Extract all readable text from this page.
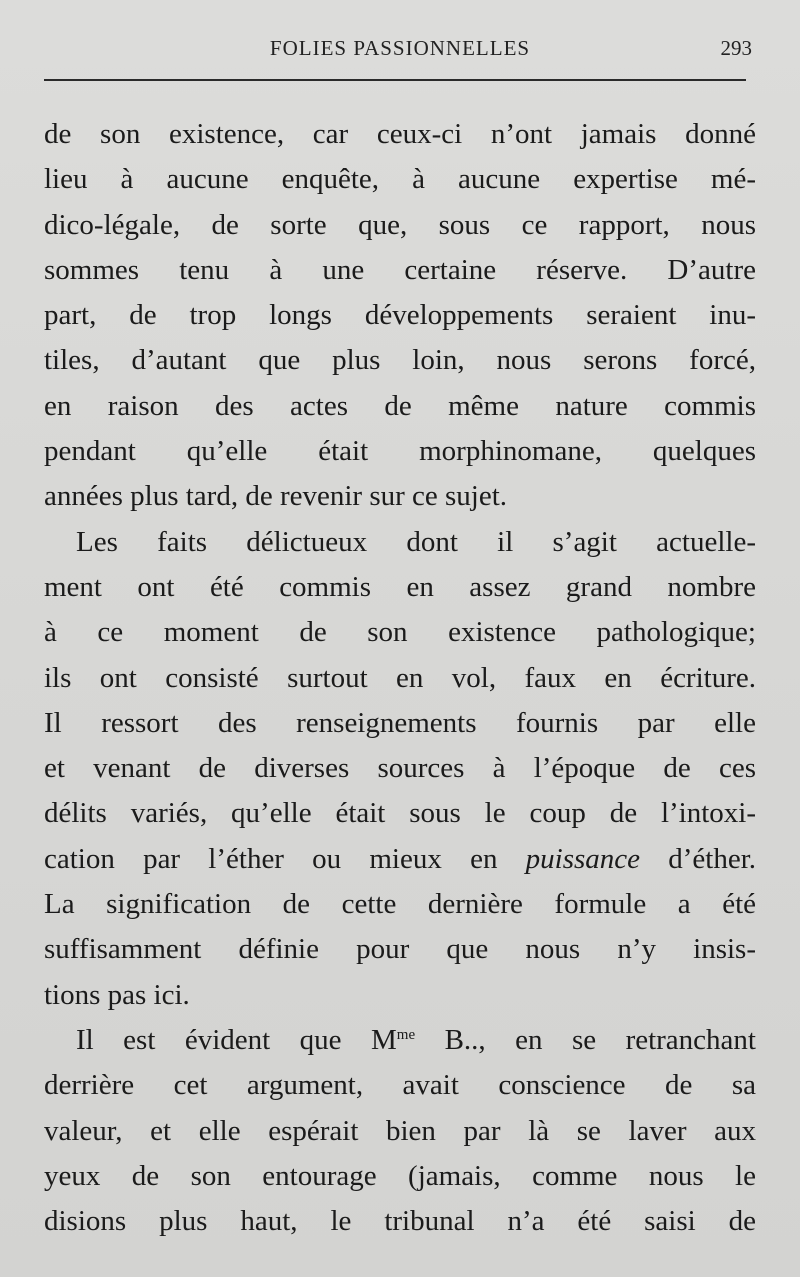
FOLIES PASSIONNELLES	293
de son existence, car ceux-ci n’ont jamais donné
lieu à aucune enquête, à aucune expertise mé-
dico-légale, de sorte que, sous ce rapport, nous
sommes tenu à une certaine réserve. D’autre
part, de trop longs développements seraient inu-
tiles, d’autant que plus loin, nous serons forcé,
en raison des actes de même nature commis
pendant qu’elle était morphinomane, quelques
années plus tard, de revenir sur ce sujet.
Les faits délictueux dont il s’agit actuelle-
ment ont été commis en assez grand nombre
à ce moment de son existence pathologique;
ils ont consisté surtout en vol, faux en écriture.
Il ressort des renseignements fournis par elle
et venant de diverses sources à l’époque de ces
délits variés, qu’elle était sous le coup de l’intoxi-
cation par l’éther ou mieux en puissance d’éther.
La signification de cette dernière formule a été
suffisamment définie pour que nous n’y insis-
tions pas ici.
Il est évident que $M^{me}$ B.., en se retranchant
derrière cet argument, avait conscience de sa
valeur, et elle espérait bien par là se laver aux
yeux de son entourage (jamais, comme nous le
disions plus haut, le tribunal n’a été saisi de
